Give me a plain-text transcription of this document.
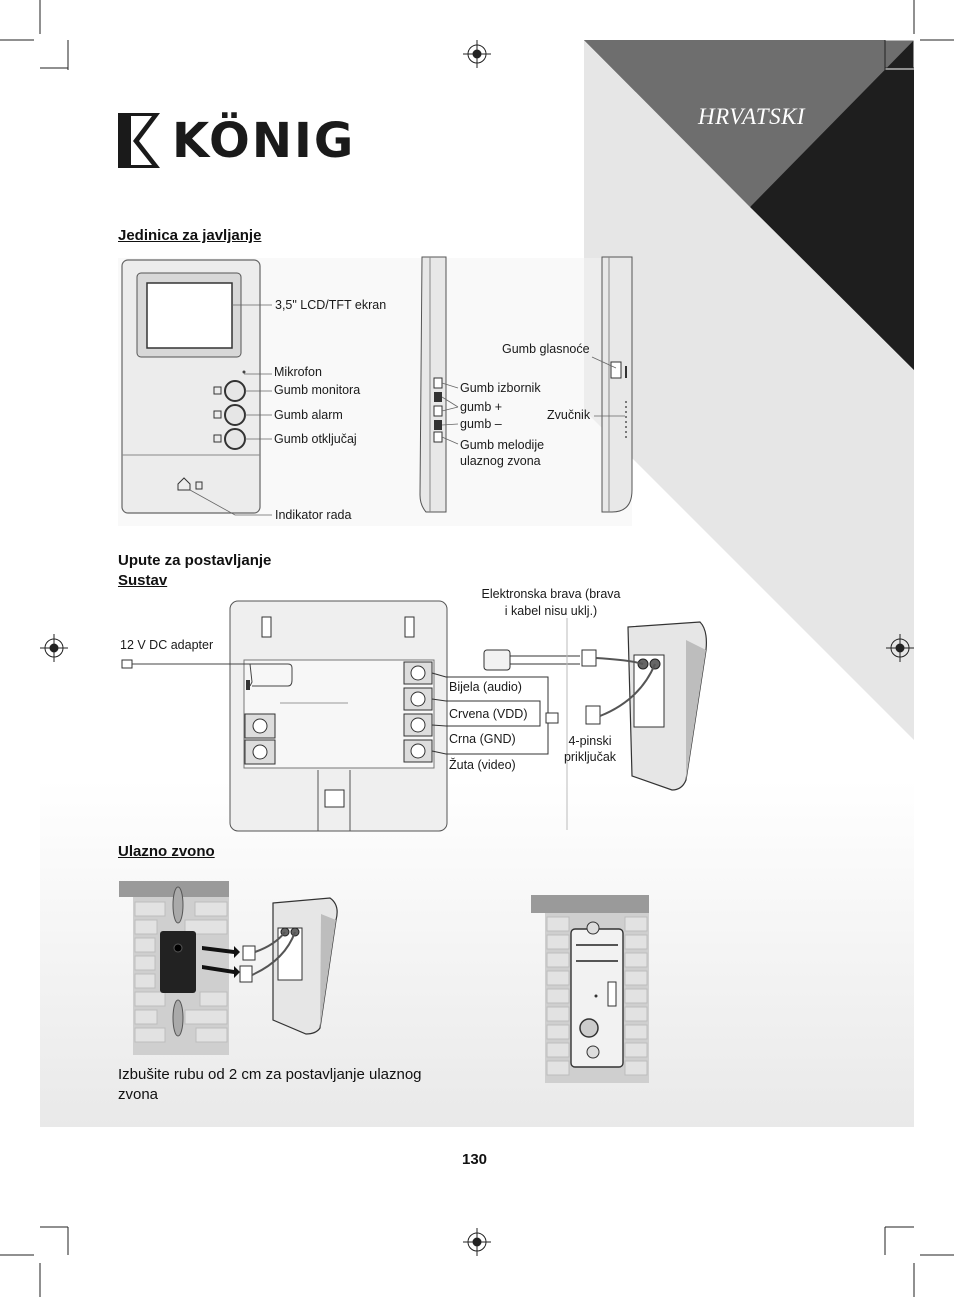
KÖNIG	HRVATSKI
Jedinica za javljanje
3,5" LCD/TFT ekran
Mikrofon
Gumb monitora
Gumb alarm
Gumb otključaj
Indikator rada
Gumb izbornik
gumb +
gumb –
Gumb melodije
ulaznog zvona
Gumb glasnoće
Zvučnik
Upute za postavljanje
Sustav
12 V DC adapter
Elektronska brava (brava
i kabel nisu uklj.)
Bijela (audio)
Crvena (VDD)
Crna (GND)
Žuta (video)
4-pinski
priključak
Ulazno zvono
Izbušite rubu od 2 cm za postavljanje ulaznog zvona
130
